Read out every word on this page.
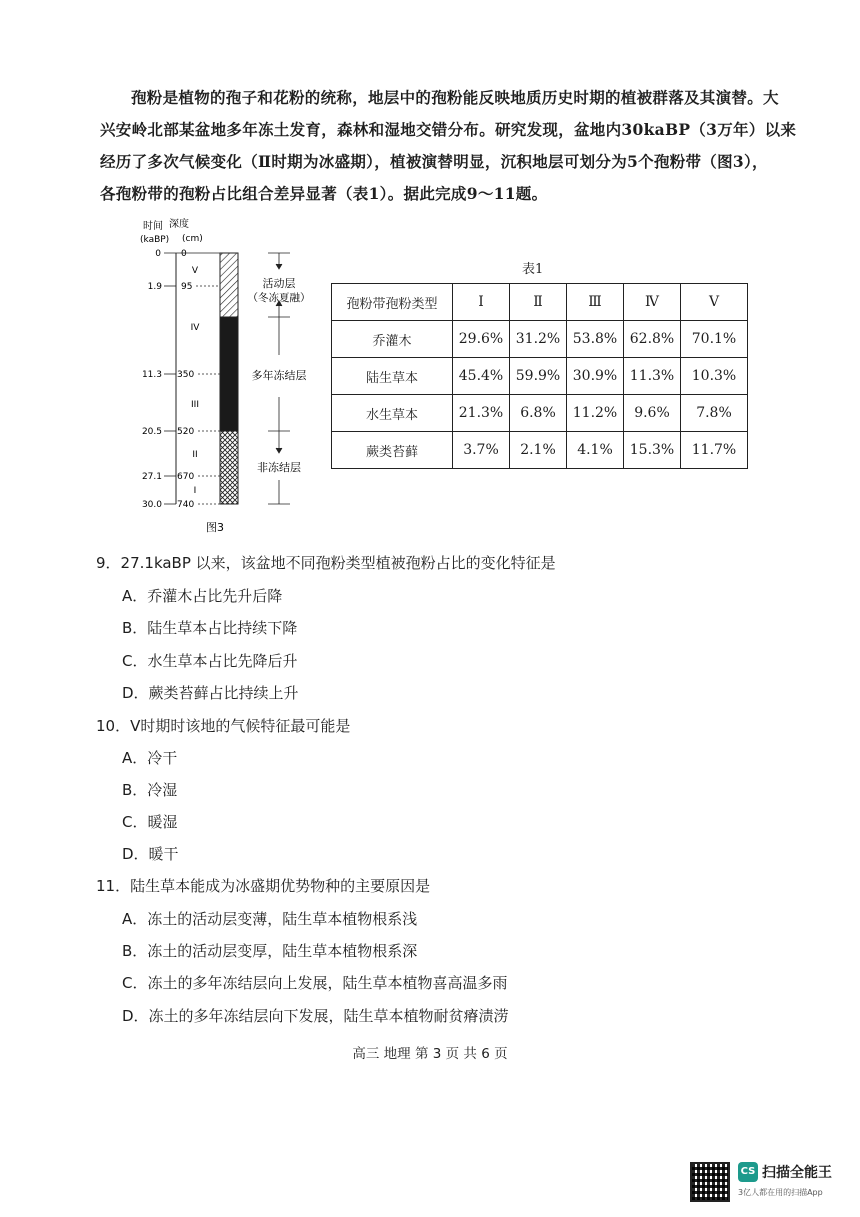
孢粉是植物的孢子和花粉的统称，地层中的孢粉能反映地质历史时期的植被群落及其演替。大

兴安岭北部某盆地多年冻土发育，森林和湿地交错分布。研究发现，盆地内30kaBP（3万年）以来
经历了多次气候变化（Ⅱ时期为冰盛期），植被演替明显，沉积地层可划分为5个孢粉带（图3），
各孢粉带的孢粉占比组合差异显著（表1）。据此完成9～11题。
时间
(kaBP)
深度
(cm)
0 0
1.9 95
11.3 350
20.5 520
27.1 670
30.0 740
V
IV
III
II
I
活动层
（冬冻夏融）
多年冻结层
非冻结层
图3
表1
孢粉带孢粉类型	Ⅰ	Ⅱ	Ⅲ	Ⅳ	Ⅴ
乔灌木	29.6%	31.2%	53.8%	62.8%	70.1%
陆生草本	45.4%	59.9%	30.9%	11.3%	10.3%
水生草本	21.3%	6.8%	11.2%	9.6%	7.8%
蕨类苔藓	3.7%	2.1%	4.1%	15.3%	11.7%
9．27.1kaBP 以来，该盆地不同孢粉类型植被孢粉占比的变化特征是
A．乔灌木占比先升后降
B．陆生草本占比持续下降
C．水生草本占比先降后升
D．蕨类苔藓占比持续上升
10．Ⅴ时期时该地的气候特征最可能是
A．冷干
B．冷湿
C．暖湿
D．暖干
11．陆生草本能成为冰盛期优势物种的主要原因是
A．冻土的活动层变薄，陆生草本植物根系浅
B．冻土的活动层变厚，陆生草本植物根系深
C．冻土的多年冻结层向上发展，陆生草本植物喜高温多雨
D．冻土的多年冻结层向下发展，陆生草本植物耐贫瘠渍涝
高三 地理 第 3 页 共 6 页
CS 扫描全能王
3亿人都在用的扫描App
